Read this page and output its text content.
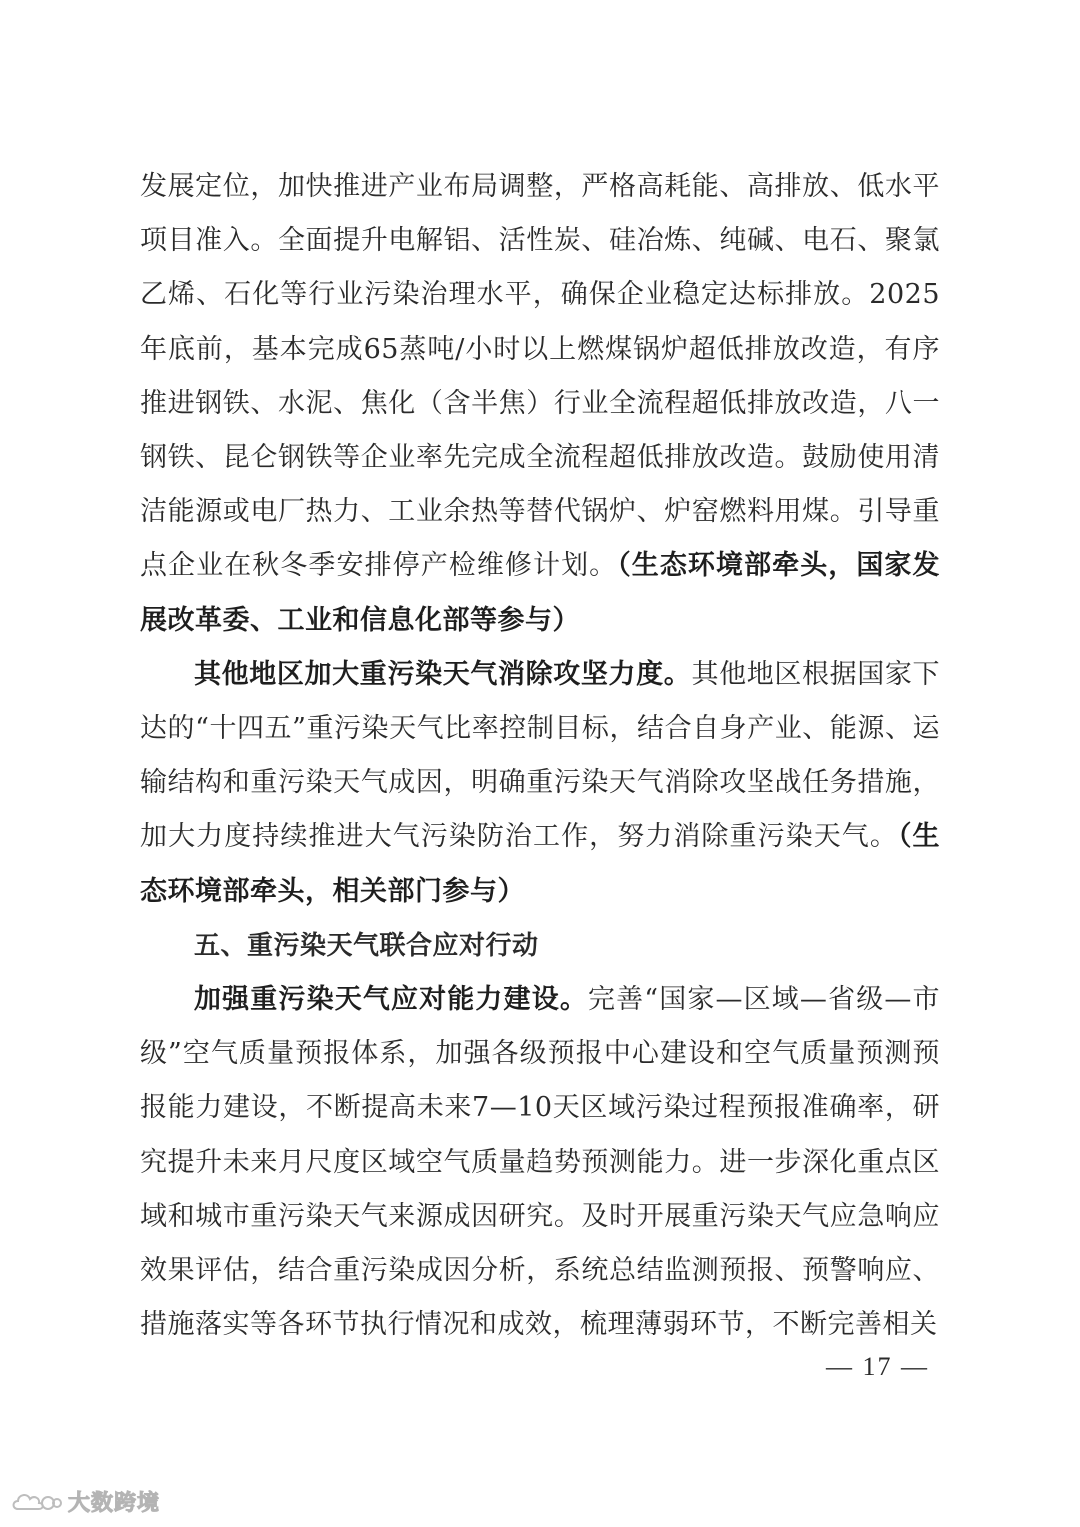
发展定位，加快推进产业布局调整，严格高耗能、高排放、低水平项目准入。全面提升电解铝、活性炭、硅冶炼、纯碱、电石、聚氯乙烯、石化等行业污染治理水平，确保企业稳定达标排放。2025年底前，基本完成65蒸吨/小时以上燃煤锅炉超低排放改造，有序推进钢铁、水泥、焦化（含半焦）行业全流程超低排放改造，八一钢铁、昆仑钢铁等企业率先完成全流程超低排放改造。鼓励使用清洁能源或电厂热力、工业余热等替代锅炉、炉窑燃料用煤。引导重点企业在秋冬季安排停产检维修计划。（生态环境部牵头，国家发展改革委、工业和信息化部等参与）

其他地区加大重污染天气消除攻坚力度。其他地区根据国家下达的“十四五”重污染天气比率控制目标，结合自身产业、能源、运输结构和重污染天气成因，明确重污染天气消除攻坚战任务措施，加大力度持续推进大气污染防治工作，努力消除重污染天气。（生态环境部牵头，相关部门参与）

五、重污染天气联合应对行动

加强重污染天气应对能力建设。完善“国家—区域—省级—市级”空气质量预报体系，加强各级预报中心建设和空气质量预测预报能力建设，不断提高未来7—10天区域污染过程预报准确率，研究提升未来月尺度区域空气质量趋势预测能力。进一步深化重点区域和城市重污染天气来源成因研究。及时开展重污染天气应急响应效果评估，结合重污染成因分析，系统总结监测预报、预警响应、措施落实等各环节执行情况和成效，梳理薄弱环节，不断完善相关

— 17 —
大数跨境
